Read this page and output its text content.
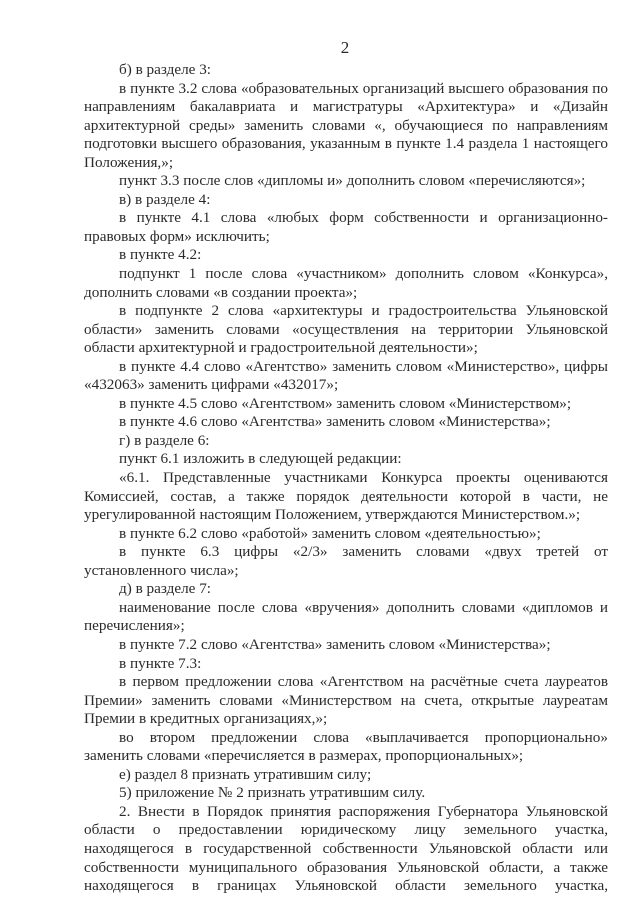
2

б) в разделе 3:

в пункте 3.2 слова «образовательных организаций высшего образования по направлениям бакалавриата и магистратуры «Архитектура» и «Дизайн архитектурной среды» заменить словами «, обучающиеся по направлениям подготовки высшего образования, указанным в пункте 1.4 раздела 1 настоящего Положения,»;

пункт 3.3 после слов «дипломы и» дополнить словом «перечисляются»;

в) в разделе 4:

в пункте 4.1 слова «любых форм собственности и организационно-правовых форм» исключить;

в пункте 4.2:

подпункт 1 после слова «участником» дополнить словом «Конкурса», дополнить словами «в создании проекта»;

в подпункте 2 слова «архитектуры и градостроительства Ульяновской области» заменить словами «осуществления на территории Ульяновской области архитектурной и градостроительной деятельности»;

в пункте 4.4 слово «Агентство» заменить словом «Министерство», цифры «432063» заменить цифрами «432017»;

в пункте 4.5 слово «Агентством» заменить словом «Министерством»;

в пункте 4.6 слово «Агентства» заменить словом «Министерства»;

г) в разделе 6:

пункт 6.1 изложить в следующей редакции:

«6.1. Представленные участниками Конкурса проекты оцениваются Комиссией, состав, а также порядок деятельности которой в части, не урегулированной настоящим Положением, утверждаются Министерством.»;

в пункте 6.2 слово «работой» заменить словом «деятельностью»;

в пункте 6.3 цифры «2/3» заменить словами «двух третей от установленного числа»;

д) в разделе 7:

наименование после слова «вручения» дополнить словами «дипломов и перечисления»;

в пункте 7.2 слово «Агентства» заменить словом «Министерства»;

в пункте 7.3:

в первом предложении слова «Агентством на расчётные счета лауреатов Премии» заменить словами «Министерством на счета, открытые лауреатам Премии в кредитных организациях,»;

во втором предложении слова «выплачивается пропорционально» заменить словами «перечисляется в размерах, пропорциональных»;

е) раздел 8 признать утратившим силу;

5) приложение № 2 признать утратившим силу.

2. Внести в Порядок принятия распоряжения Губернатора Ульяновской области о предоставлении юридическому лицу земельного участка, находящегося в государственной собственности Ульяновской области или собственности муниципального образования Ульяновской области, а также находящегося в границах Ульяновской области земельного участка,
